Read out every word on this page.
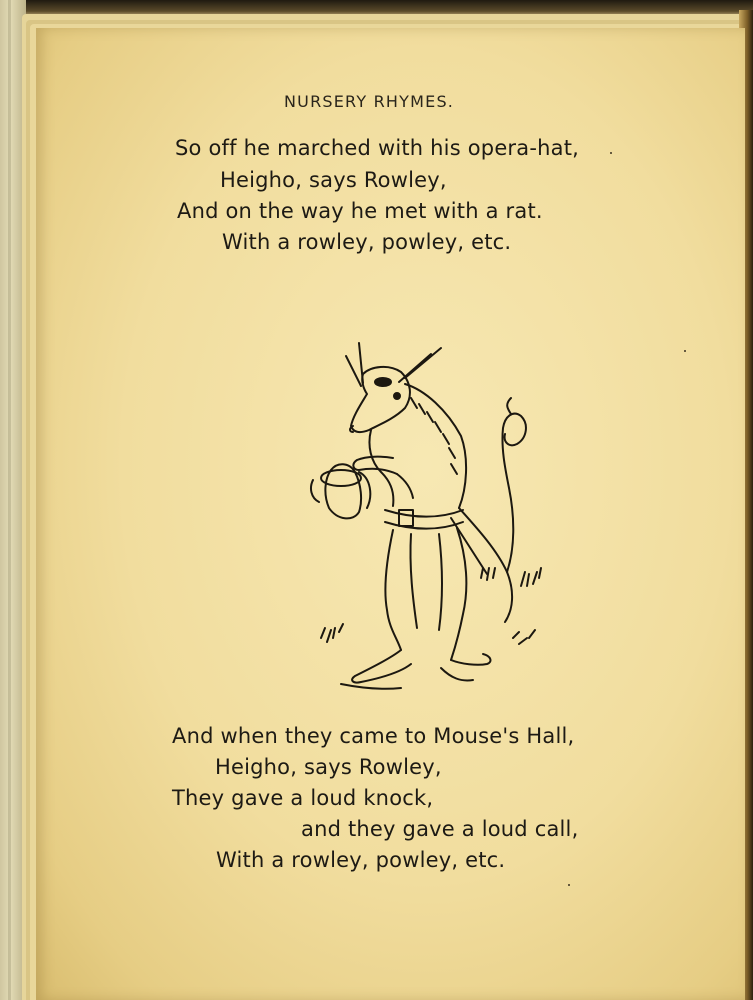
NURSERY RHYMES.
So off he marched with his opera-hat,
Heigho, says Rowley,
And on the way he met with a rat.
With a rowley, powley, etc.
And when they came to Mouse's Hall,
Heigho, says Rowley,
They gave a loud knock,
and they gave a loud call,
With a rowley, powley, etc.
